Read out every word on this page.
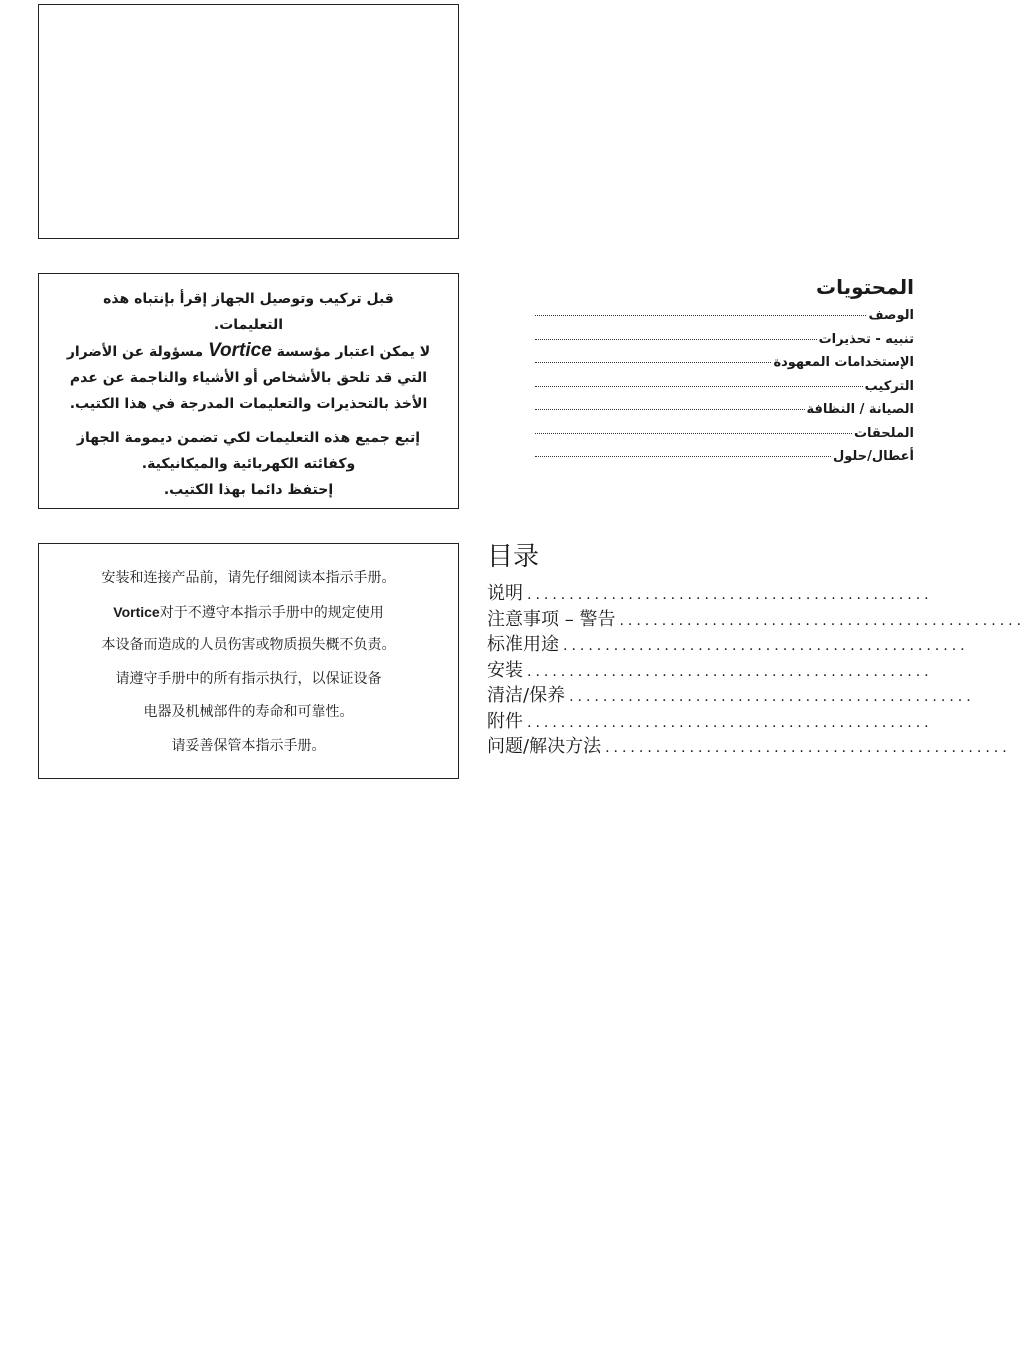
قبل تركيب وتوصيل الجهاز إقرأ بإنتباه هذه

التعليمات.

لا يمكن اعتبار مؤسسة Vortice مسؤولة عن الأضرار

التي قد تلحق بالأشخاص أو الأشياء والناجمة عن عدم

الأخذ بالتحذيرات والتعليمات المدرجة في هذا الكتيب.

إتبع جميع هذه التعليمات لكي تضمن ديمومة الجهاز

وكفائته الكهربائية والميكانيكية.

إحتفظ دائما بهذا الكتيب.

安装和连接产品前，请先仔细阅读本指示手册。

Vortice对于不遵守本指示手册中的规定使用

本设备而造成的人员伤害或物质损失概不负责。

请遵守手册中的所有指示执行，以保证设备

电器及机械部件的寿命和可靠性。

请妥善保管本指示手册。

المحتويات
الوصف
تنبيه - تحذيرات
الإستخدامات المعهودة
التركيب
الصيانة / النظافة
الملحقات
أعطال/حلول
目录
说明 ................................................
注意事项 – 警告 ................................................
标准用途 ................................................
安装 ................................................
清洁/保养 ................................................
附件 ................................................
问题/解决方法 ................................................
